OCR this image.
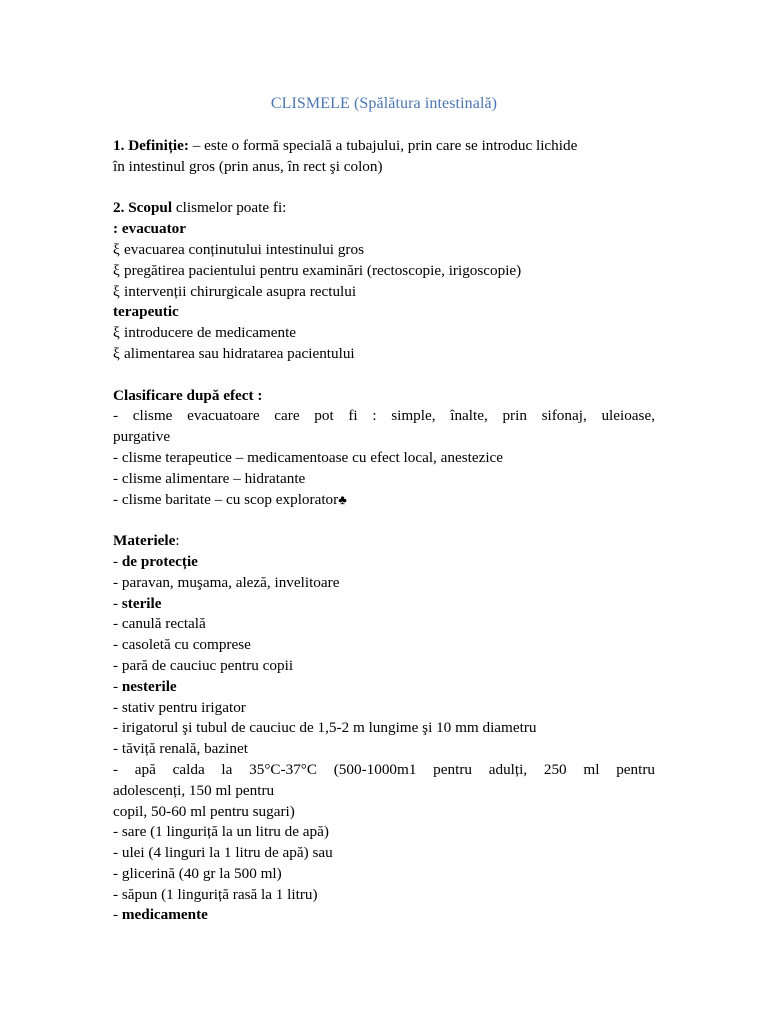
CLISMELE (Spălătura intestinală)
1. Definiție: – este o formă specială a tubajului, prin care se introduc lichide
în intestinul gros (prin anus, în rect şi colon)
2. Scopul clismelor poate fi:
: evacuator
ξ evacuarea conținutului intestinului gros
ξ pregătirea pacientului pentru examinări (rectoscopie, irigoscopie)
ξ intervenții chirurgicale asupra rectului
terapeutic
ξ introducere de medicamente
ξ alimentarea sau hidratarea pacientului
Clasificare după efect :
- clisme evacuatoare care pot fi : simple, înalte, prin sifonaj, uleioase,
purgative
- clisme terapeutice – medicamentoase cu efect local, anestezice
- clisme alimentare – hidratante
- clisme baritate – cu scop explorator♣
Materiele:
- de protecție
- paravan, muşama, aleză, invelitoare
- sterile
- canulă rectală
- casoletă cu comprese
- pară de cauciuc pentru copii
- nesterile
- stativ pentru irigator
- irigatorul şi tubul de cauciuc de 1,5-2 m lungime şi 10 mm diametru
- tăviță renală, bazinet
- apă calda la 35°C-37°C (500-1000m1 pentru adulți, 250 ml pentru
adolescenți, 150 ml pentru
copil, 50-60 ml pentru sugari)
- sare (1 linguriță la un litru de apă)
- ulei (4 linguri la 1 litru de apă) sau
- glicerină (40 gr la 500 ml)
- săpun (1 linguriță rasă la 1 litru)
- medicamente
